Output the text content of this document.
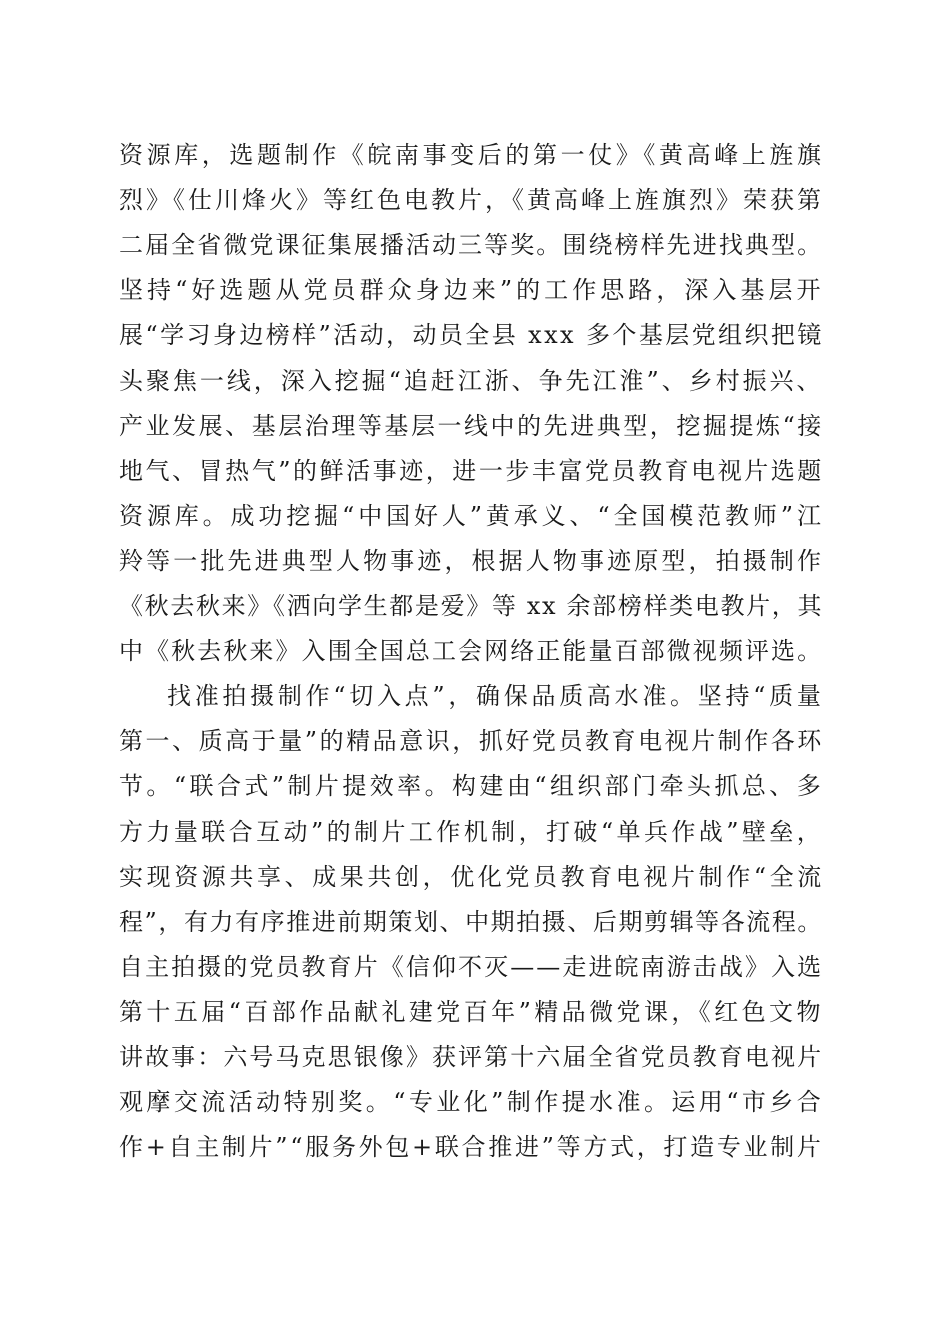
资源库，选题制作《皖南事变后的第一仗》《黄高峰上旌旗
烈》《仕川烽火》等红色电教片，《黄高峰上旌旗烈》荣获第
二届全省微党课征集展播活动三等奖。围绕榜样先进找典型。
坚持“好选题从党员群众身边来”的工作思路，深入基层开
展“学习身边榜样”活动，动员全县 xxx 多个基层党组织把镜
头聚焦一线，深入挖掘“追赶江浙、争先江淮”、乡村振兴、
产业发展、基层治理等基层一线中的先进典型，挖掘提炼“接
地气、冒热气”的鲜活事迹，进一步丰富党员教育电视片选题
资源库。成功挖掘“中国好人”黄承义、“全国模范教师”江
羚等一批先进典型人物事迹，根据人物事迹原型，拍摄制作
《秋去秋来》《洒向学生都是爱》等 xx 余部榜样类电教片，其
中《秋去秋来》入围全国总工会网络正能量百部微视频评选。
找准拍摄制作“切入点”，确保品质高水准。坚持“质量
第一、质高于量”的精品意识，抓好党员教育电视片制作各环
节。“联合式”制片提效率。构建由“组织部门牵头抓总、多
方力量联合互动”的制片工作机制，打破“单兵作战”壁垒，
实现资源共享、成果共创，优化党员教育电视片制作“全流
程”，有力有序推进前期策划、中期拍摄、后期剪辑等各流程。
自主拍摄的党员教育片《信仰不灭——走进皖南游击战》入选
第十五届“百部作品献礼建党百年”精品微党课，《红色文物
讲故事：六号马克思银像》获评第十六届全省党员教育电视片
观摩交流活动特别奖。“专业化”制作提水准。运用“市乡合
作+自主制片”“服务外包+联合推进”等方式，打造专业制片
